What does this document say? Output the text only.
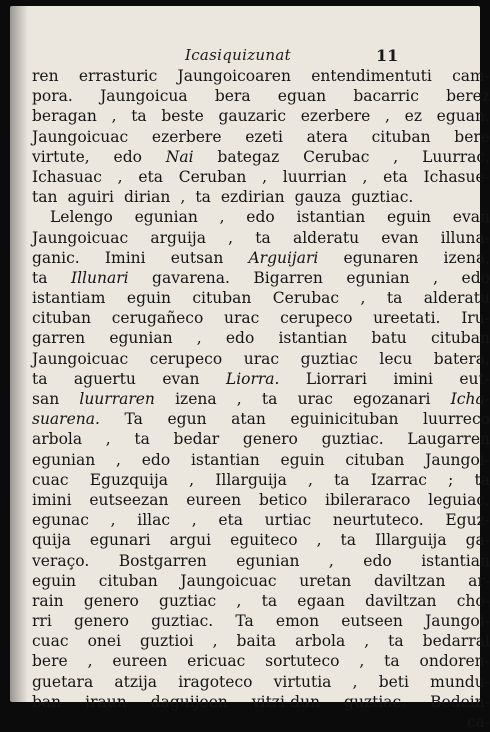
Icasiquizunat	11
ren errasturic Jaungoicoaren entendimentuti cam-
pora. Jaungoicua bera eguan bacarric berez
beragan , ta beste gauzaric ezerbere , ez eguan.
Jaungoicuac ezerbere ezeti atera cituban bere
virtute, edo Nai bategaz Cerubac , Luurrac,
Ichasuac , eta Ceruban , luurrian , eta Ichasue-
tan aguiri dirian , ta ezdirian gauza guztiac.
Lelengo egunian , edo istantian eguin evan
Jaungoicuac arguija , ta alderatu evan illuna-
ganic. Imini eutsan Arguijari egunaren izena,
ta Illunari gavarena. Bigarren egunian , edo
istantiam eguin cituban Cerubac , ta alderatu
cituban cerugañeco urac cerupeco ureetati. Iru-
garren egunian , edo istantian batu cituban
Jaungoicuac cerupeco urac guztiac lecu batera,
ta aguertu evan Liorra. Liorrari imini eut-
san luurraren izena , ta urac egozanari Icha-
suarena. Ta egun atan eguinicituban luurreco
arbola , ta bedar genero guztiac. Laugarren
egunian , edo istantian eguin cituban Jaungoi-
cuac Eguzquija , Illarguija , ta Izarrac ; ta
imini eutseezan eureen betico ibileraraco leguiac,
egunac , illac , eta urtiac neurtuteco. Eguz-
quija egunari argui eguiteco , ta Illarguija ga-
veraço. Bostgarren egunian , edo istantian
eguin cituban Jaungoicuac uretan daviltzan ar-
rain genero guztiac , ta egaan daviltzan cho-
rri genero guztiac. Ta emon eutseen Jaungoi-
cuac onei guztioi , baita arbola , ta bedarrai
bere , eureen ericuac sortuteco , ta ondoren-
guetara atzija iragoteco virtutia , beti mundu-
ban iraun daguijeen vitzi-dun guztiac. Bedein-
ca-
